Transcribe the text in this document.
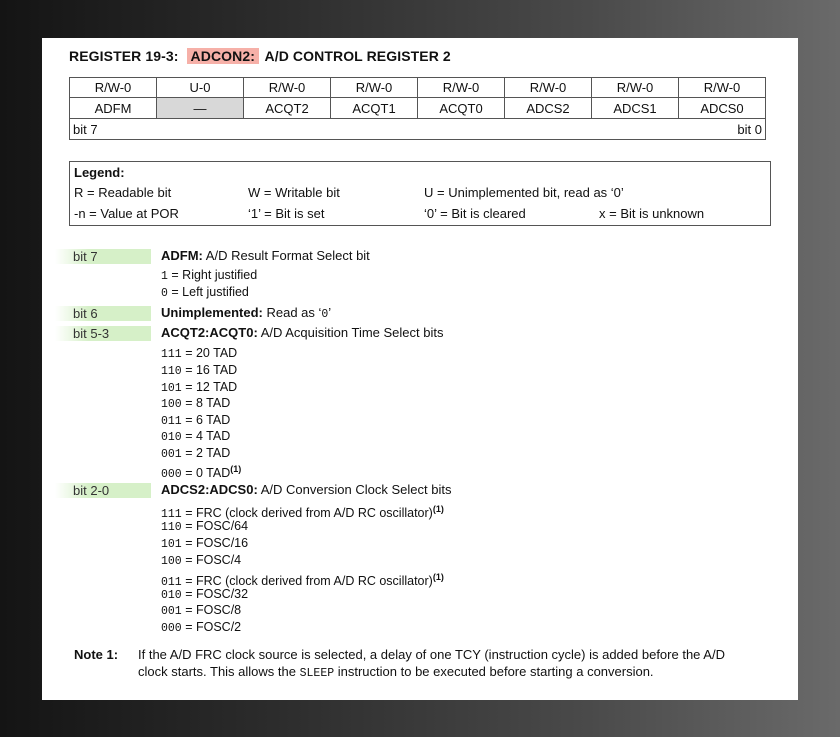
REGISTER 19-3: ADCON2: A/D CONTROL REGISTER 2
R/W-0	U-0	R/W-0	R/W-0	R/W-0	R/W-0	R/W-0	R/W-0
ADFM	—	ACQT2	ACQT1	ACQT0	ADCS2	ADCS1	ADCS0
bit 7				bit 0			
Legend:
R = Readable bit	W = Writable bit	U = Unimplemented bit, read as ‘0’
-n = Value at POR	‘1’ = Bit is set	‘0’ = Bit is cleared	x = Bit is unknown
bit 7	ADFM: A/D Result Format Select bit
1 = Right justified
0 = Left justified
bit 6	Unimplemented: Read as ‘0’
bit 5-3	ACQT2:ACQT0: A/D Acquisition Time Select bits
111 = 20 TAD
110 = 16 TAD
101 = 12 TAD
100 = 8 TAD
011 = 6 TAD
010 = 4 TAD
001 = 2 TAD
000 = 0 TAD$^{(1)}$
bit 2-0	ADCS2:ADCS0: A/D Conversion Clock Select bits
111 = FRC (clock derived from A/D RC oscillator)$^{(1)}$
110 = FOSC/64
101 = FOSC/16
100 = FOSC/4
011 = FRC (clock derived from A/D RC oscillator)$^{(1)}$
010 = FOSC/32
001 = FOSC/8
000 = FOSC/2
Note 1: If the A/D FRC clock source is selected, a delay of one TCY (instruction cycle) is added before the A/D
clock starts. This allows the SLEEP instruction to be executed before starting a conversion.
